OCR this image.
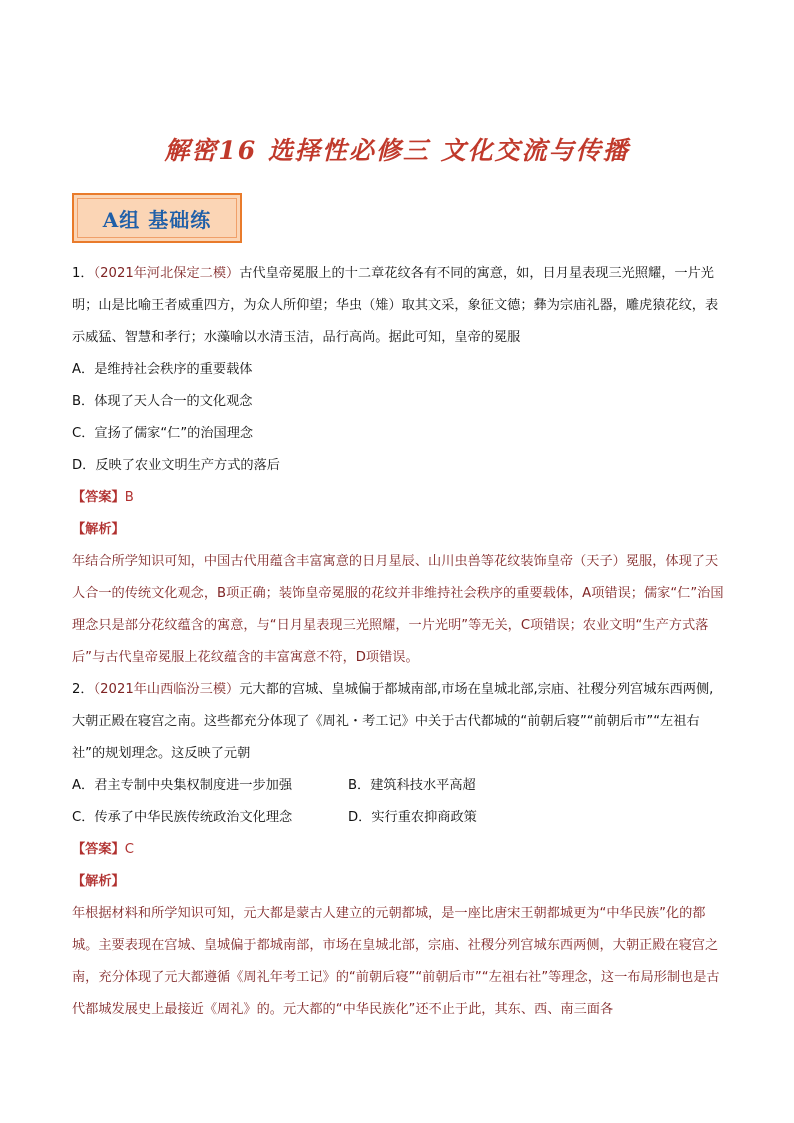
解密16 选择性必修三 文化交流与传播
A组 基础练

1．（2021年河北保定二模）古代皇帝冕服上的十二章花纹各有不同的寓意，如，日月星表现三光照耀，一片光明；山是比喻王者威重四方，为众人所仰望；华虫（雉）取其文采，象征文德；彝为宗庙礼器，雕虎猿花纹，表示威猛、智慧和孝行；水藻喻以水清玉洁，品行高尚。据此可知，皇帝的冕服

A．是维持社会秩序的重要载体

B．体现了天人合一的文化观念

C．宣扬了儒家“仁”的治国理念

D．反映了农业文明生产方式的落后

【答案】B

【解析】

年结合所学知识可知，中国古代用蕴含丰富寓意的日月星辰、山川虫兽等花纹装饰皇帝（天子）冕服，体现了天人合一的传统文化观念，B项正确；装饰皇帝冕服的花纹并非维持社会秩序的重要载体，A项错误；儒家“仁”治国理念只是部分花纹蕴含的寓意，与“日月星表现三光照耀，一片光明”等无关，C项错误；农业文明“生产方式落后”与古代皇帝冕服上花纹蕴含的丰富寓意不符，D项错误。

2．（2021年山西临汾三模）元大都的宫城、皇城偏于都城南部,市场在皇城北部,宗庙、社稷分列宫城东西两侧,大朝正殿在寝宫之南。这些都充分体现了《周礼・考工记》中关于古代都城的“前朝后寝”“前朝后市”“左祖右社”的规划理念。这反映了元朝

A．君主专制中央集权制度进一步加强	B．建筑科技水平高超
C．传承了中华民族传统政治文化理念	D．实行重农抑商政策

【答案】C

【解析】

年根据材料和所学知识可知，元大都是蒙古人建立的元朝都城，是一座比唐宋王朝都城更为“中华民族”化的都城。主要表现在宫城、皇城偏于都城南部，市场在皇城北部，宗庙、社稷分列宫城东西两侧，大朝正殿在寝宫之南，充分体现了元大都遵循《周礼年考工记》的“前朝后寝”“前朝后市”“左祖右社”等理念，这一布局形制也是古代都城发展史上最接近《周礼》的。元大都的“中华民族化”还不止于此，其东、西、南三面各
